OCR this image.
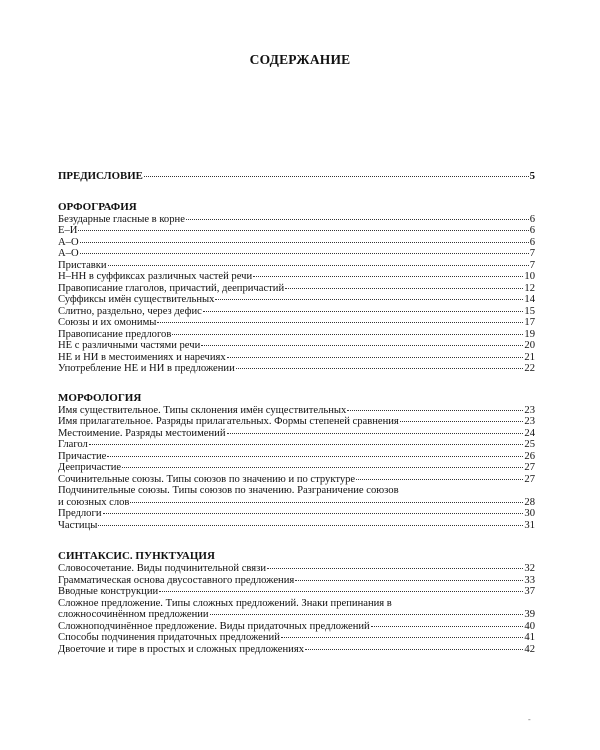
СОДЕРЖАНИЕ
ПРЕДИСЛОВИЕ	5
ОРФОГРАФИЯ
Безударные гласные в корне	6
Е–И	6
А–О	6
А–О	7
Приставки	7
Н–НН в суффиксах различных частей речи	10
Правописание глаголов, причастий, деепричастий	12
Суффиксы имён существительных	14
Слитно, раздельно, через дефис	15
Союзы и их омонимы	17
Правописание предлогов	19
НЕ с различными частями речи	20
НЕ и НИ в местоимениях и наречиях	21
Употребление НЕ и НИ в предложении	22
МОРФОЛОГИЯ
Имя существительное. Типы склонения имён существительных	23
Имя прилагательное. Разряды прилагательных. Формы степеней сравнения	23
Местоимение. Разряды местоимений	24
Глагол	25
Причастие	26
Деепричастие	27
Сочинительные союзы. Типы союзов по значению и по структуре	27
Подчинительные союзы. Типы союзов по значению. Разграничение союзов
и союзных слов	28
Предлоги	30
Частицы	31
СИНТАКСИС. ПУНКТУАЦИЯ
Словосочетание. Виды подчинительной связи	32
Грамматическая основа двусоставного предложения	33
Вводные конструкции	37
Сложное предложение. Типы сложных предложений. Знаки препинания в
сложносочинённом предложении	39
Сложноподчинённое предложение. Виды придаточных предложений	40
Способы подчинения придаточных предложений	41
Двоеточие и тире в простых и сложных предложениях	42
-
